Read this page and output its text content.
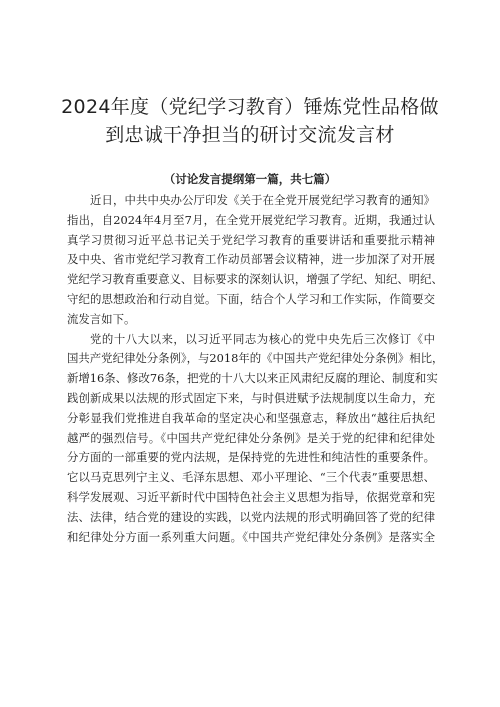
2024年度（党纪学习教育）锤炼党性品格做
到忠诚干净担当的研讨交流发言材
（讨论发言提纲第一篇，共七篇）
近日，中共中央办公厅印发《关于在全党开展党纪学习教育的通知》
指出，自2024年4月至7月，在全党开展党纪学习教育。近期，我通过认
真学习贯彻习近平总书记关于党纪学习教育的重要讲话和重要批示精神
及中央、省市党纪学习教育工作动员部署会议精神，进一步加深了对开展
党纪学习教育重要意义、目标要求的深刻认识，增强了学纪、知纪、明纪、
守纪的思想政治和行动自觉。下面，结合个人学习和工作实际，作简要交
流发言如下。
党的十八大以来，以习近平同志为核心的党中央先后三次修订《中
国共产党纪律处分条例》，与2018年的《中国共产党纪律处分条例》相比，
新增16条、修改76条，把党的十八大以来正风肃纪反腐的理论、制度和实
践创新成果以法规的形式固定下来，与时俱进赋予法规制度以生命力，充
分彰显我们党推进自我革命的坚定决心和坚强意志，释放出“越往后执纪
越严的强烈信号。《中国共产党纪律处分条例》是关于党的纪律和纪律处
分方面的一部重要的党内法规，是保持党的先进性和纯洁性的重要条件。
它以马克思列宁主义、毛泽东思想、邓小平理论、“三个代表”重要思想、
科学发展观、习近平新时代中国特色社会主义思想为指导，依据党章和宪
法、法律，结合党的建设的实践，以党内法规的形式明确回答了党的纪律
和纪律处分方面一系列重大问题。《中国共产党纪律处分条例》是落实全
